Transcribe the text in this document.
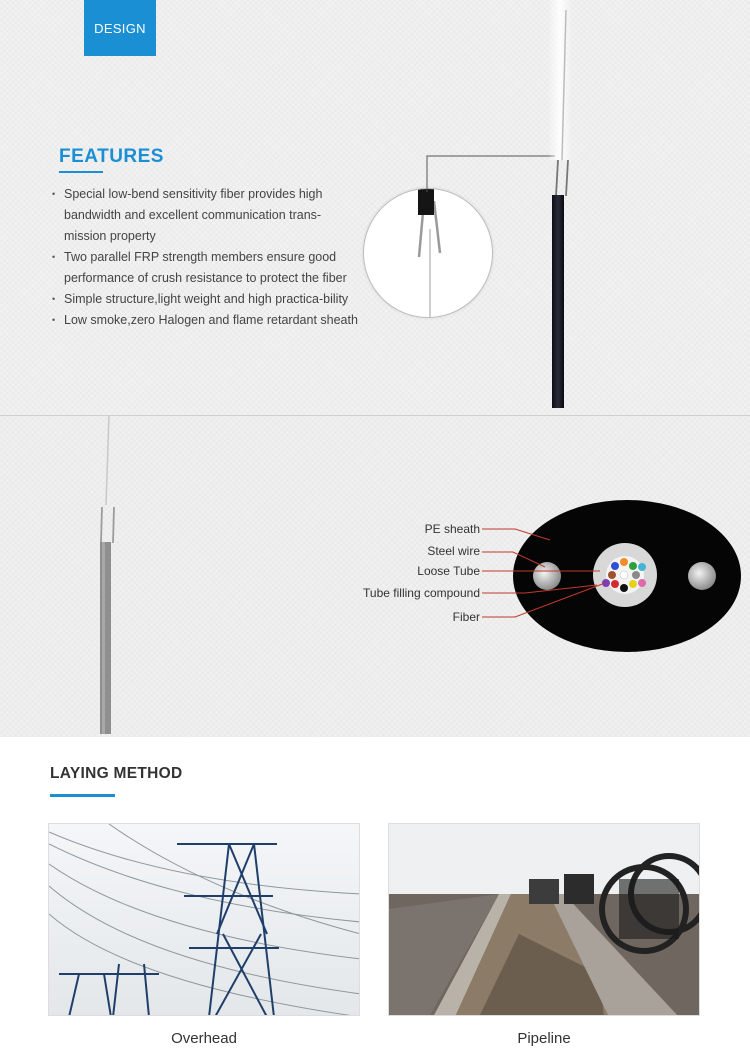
DESIGN
FEATURES
• Special low-bend sensitivity fiber provides high bandwidth and excellent communication trans-mission property
• Two parallel FRP strength members ensure good performance of crush resistance to protect the fiber
• Simple structure,light weight and high practica-bility
• Low smoke,zero Halogen and flame retardant sheath
PE sheath
Steel wire
Loose Tube
Tube filling compound
Fiber
LAYING METHOD
Overhead	Pipeline
